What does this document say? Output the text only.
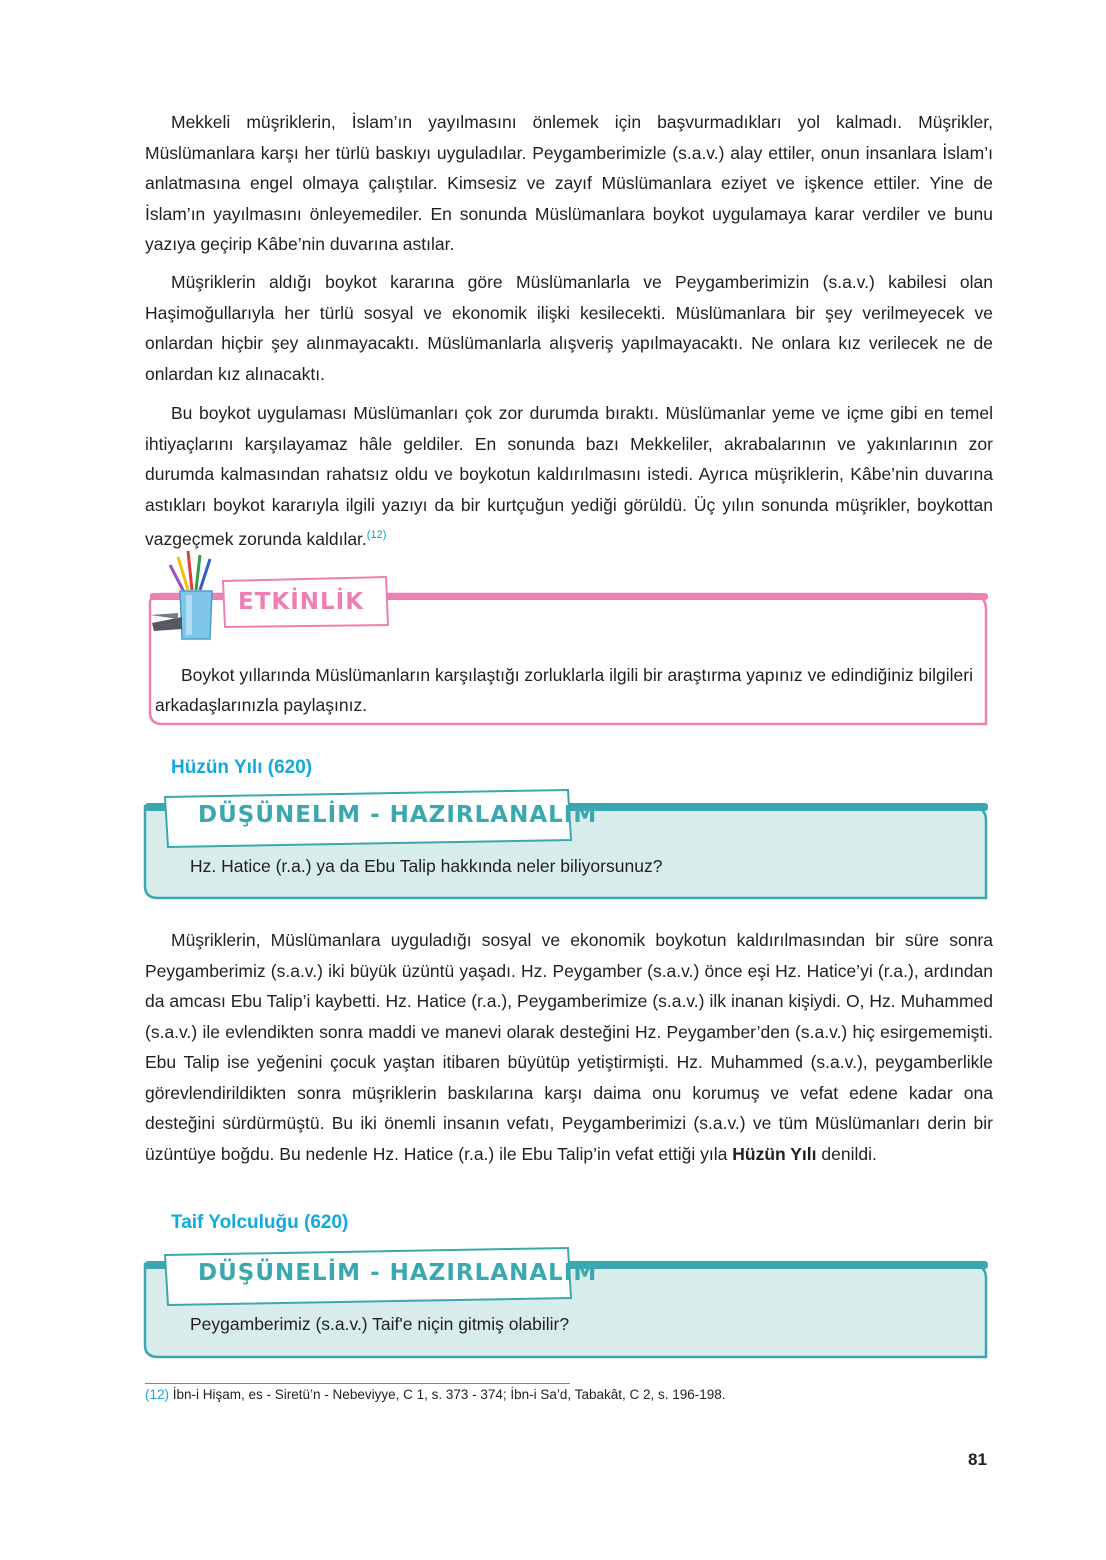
Mekkeli müşriklerin, İslam’ın yayılmasını önlemek için başvurmadıkları yol kalmadı. Müşrikler, Müslümanlara karşı her türlü baskıyı uyguladılar. Peygamberimizle (s.a.v.) alay ettiler, onun insanlara İslam’ı anlatmasına engel olmaya çalıştılar. Kimsesiz ve zayıf Müslümanlara eziyet ve işkence ettiler. Yine de İslam’ın yayılmasını önleyemediler. En sonunda Müslümanlara boykot uygulamaya karar verdiler ve bunu yazıya geçirip Kâbe’nin duvarına astılar.

Müşriklerin aldığı boykot kararına göre Müslümanlarla ve Peygamberimizin (s.a.v.) kabilesi olan Haşimoğullarıyla her türlü sosyal ve ekonomik ilişki kesilecekti. Müslümanlara bir şey verilmeyecek ve onlardan hiçbir şey alınmayacaktı. Müslümanlarla alışveriş yapılmayacaktı. Ne onlara kız verilecek ne de onlardan kız alınacaktı.

Bu boykot uygulaması Müslümanları çok zor durumda bıraktı. Müslümanlar yeme ve içme gibi en temel ihtiyaçlarını karşılayamaz hâle geldiler. En sonunda bazı Mekkeliler, akrabalarının ve yakınlarının zor durumda kalmasından rahatsız oldu ve boykotun kaldırılmasını istedi. Ayrıca müşriklerin, Kâbe’nin duvarına astıkları boykot kararıyla ilgili yazıyı da bir kurtçuğun yediği görüldü. Üç yılın sonunda müşrikler, boykottan vazgeçmek zorunda kaldılar.$^{(12)}$

ETKİNLİK

Boykot yıllarında Müslümanların karşılaştığı zorluklarla ilgili bir araştırma yapınız ve edindiğiniz bilgileri arkadaşlarınızla paylaşınız.

Hüzün Yılı (620)
DÜŞÜNELİM - HAZIRLANALIM

Hz. Hatice (r.a.) ya da Ebu Talip hakkında neler biliyorsunuz?

Müşriklerin, Müslümanlara uyguladığı sosyal ve ekonomik boykotun kaldırılmasından bir süre sonra Peygamberimiz (s.a.v.) iki büyük üzüntü yaşadı. Hz. Peygamber (s.a.v.) önce eşi Hz. Hatice’yi (r.a.), ardından da amcası Ebu Talip’i kaybetti. Hz. Hatice (r.a.), Peygamberimize (s.a.v.) ilk inanan kişiydi. O, Hz. Muhammed (s.a.v.) ile evlendikten sonra maddi ve manevi olarak desteğini Hz. Peygamber’den (s.a.v.) hiç esirgememişti. Ebu Talip ise yeğenini çocuk yaştan itibaren büyütüp yetiştirmişti. Hz. Muhammed (s.a.v.), peygamberlikle görevlendirildikten sonra müşriklerin baskılarına karşı daima onu korumuş ve vefat edene kadar ona desteğini sürdürmüştü. Bu iki önemli insanın vefatı, Peygamberimizi (s.a.v.) ve tüm Müslümanları derin bir üzüntüye boğdu. Bu nedenle Hz. Hatice (r.a.) ile Ebu Talip’in vefat ettiği yıla Hüzün Yılı denildi.

Taif Yolculuğu (620)
DÜŞÜNELİM - HAZIRLANALIM

Peygamberimiz (s.a.v.) Taif'e niçin gitmiş olabilir?

(12) İbn-i Hişam, es - Siretü’n - Nebeviyye, C 1, s. 373 - 374; İbn-i Sa’d, Tabakât, C 2, s. 196-198.

81
